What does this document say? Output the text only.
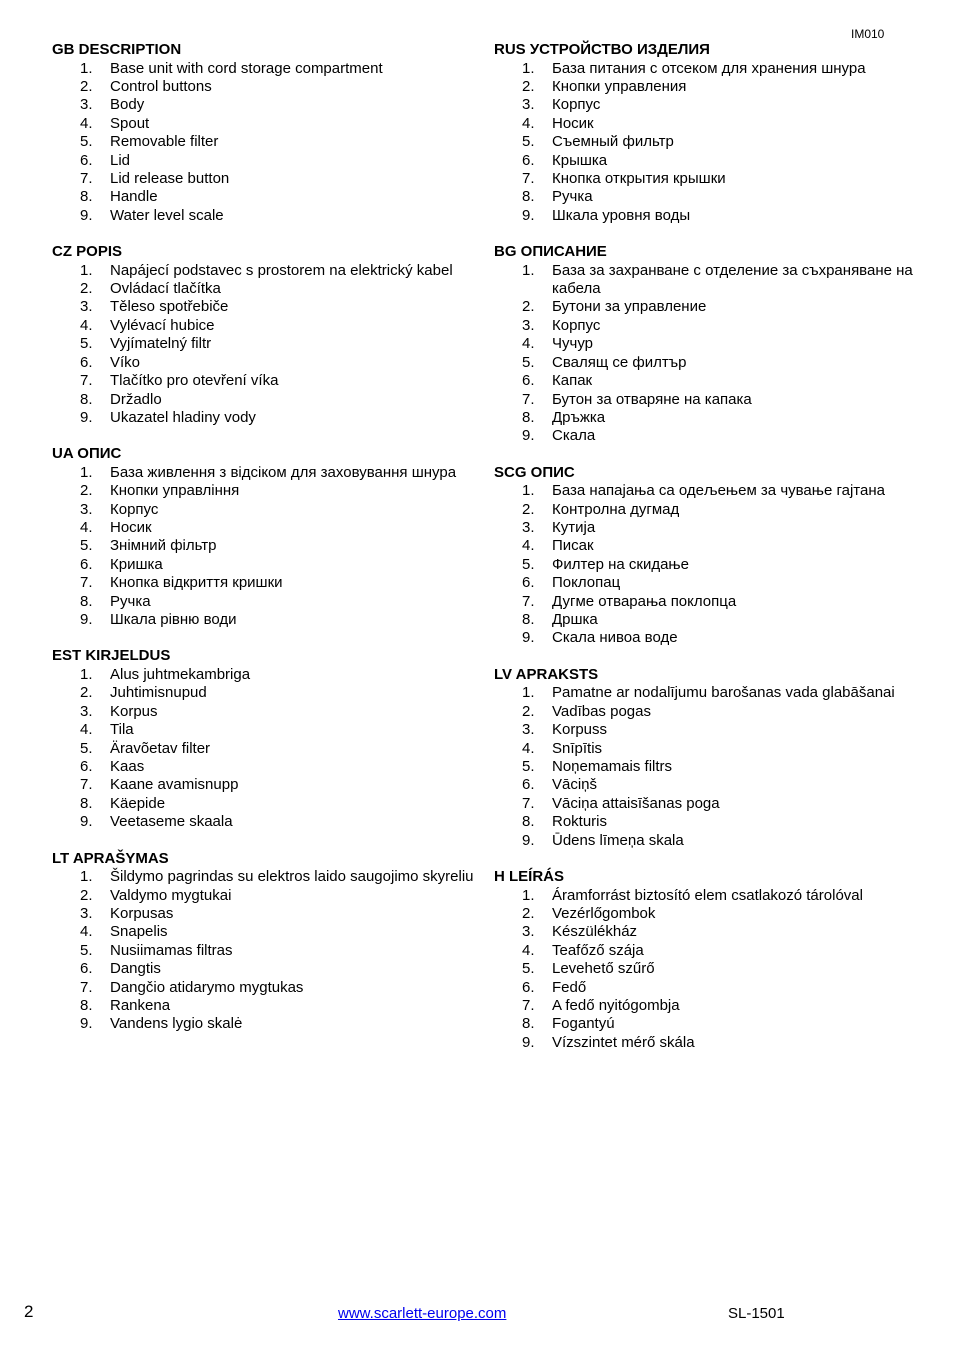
IM010
GB DESCRIPTION
1. Base unit with cord storage compartment
2. Control buttons
3. Body
4. Spout
5. Removable filter
6. Lid
7. Lid release button
8. Handle
9. Water level scale
CZ POPIS
1. Napájecí podstavec s prostorem na elektrický kabel
2. Ovládací tlačítka
3. Těleso spotřebiče
4. Vylévací hubice
5. Vyjímatelný filtr
6. Víko
7. Tlačítko pro otevření víka
8. Držadlo
9. Ukazatel hladiny vody
UA ОПИС
1. База живлення з відсіком для заховування шнура
2. Кнопки управління
3. Корпус
4. Носик
5. Знімний фільтр
6. Кришка
7. Кнопка відкриття кришки
8. Ручка
9. Шкала рівню води
EST KIRJELDUS
1. Alus juhtmekambriga
2. Juhtimisnupud
3. Korpus
4. Tila
5. Äravõetav filter
6. Kaas
7. Kaane avamisnupp
8. Käepide
9. Veetaseme skaala
LT APRAŠYMAS
1. Šildymo pagrindas su elektros laido saugojimo skyreliu
2. Valdymo mygtukai
3. Korpusas
4. Snapelis
5. Nusiimamas filtras
6. Dangtis
7. Dangčio atidarymo mygtukas
8. Rankena
9. Vandens lygio skalė
RUS УСТРОЙСТВО ИЗДЕЛИЯ
1. База питания с отсеком для хранения шнура
2. Кнопки управления
3. Корпус
4. Носик
5. Съемный фильтр
6. Крышка
7. Кнопка открытия крышки
8. Ручка
9. Шкала уровня воды
BG ОПИСАНИЕ
1. База за захранване с отделение за съхраняване на кабела
2. Бутони за управление
3. Корпус
4. Чучур
5. Свалящ се филтър
6. Капак
7. Бутон за отваряне на капака
8. Дръжка
9. Скала
SCG ОПИС
1. База напајања са одељењем за чување гајтана
2. Контролна дугмад
3. Кутија
4. Писак
5. Филтер на скидање
6. Поклопац
7. Дугме отварања поклопца
8. Дршка
9. Скала нивоа воде
LV APRAKSTS
1. Pamatne ar nodalījumu barošanas vada glabāšanai
2. Vadības pogas
3. Korpuss
4. Snīpītis
5. Noņemamais filtrs
6. Vāciņš
7. Vāciņa attaisīšanas poga
8. Rokturis
9. Ūdens līmeņa skala
H LEÍRÁS
1. Áramforrást biztosító elem csatlakozó tárolóval
2. Vezérlőgombok
3. Készülékház
4. Teafőző szája
5. Levehető szűrő
6. Fedő
7. A fedő nyitógombja
8. Fogantyú
9. Vízszintet mérő skála
2	www.scarlett-europe.com	SL-1501
